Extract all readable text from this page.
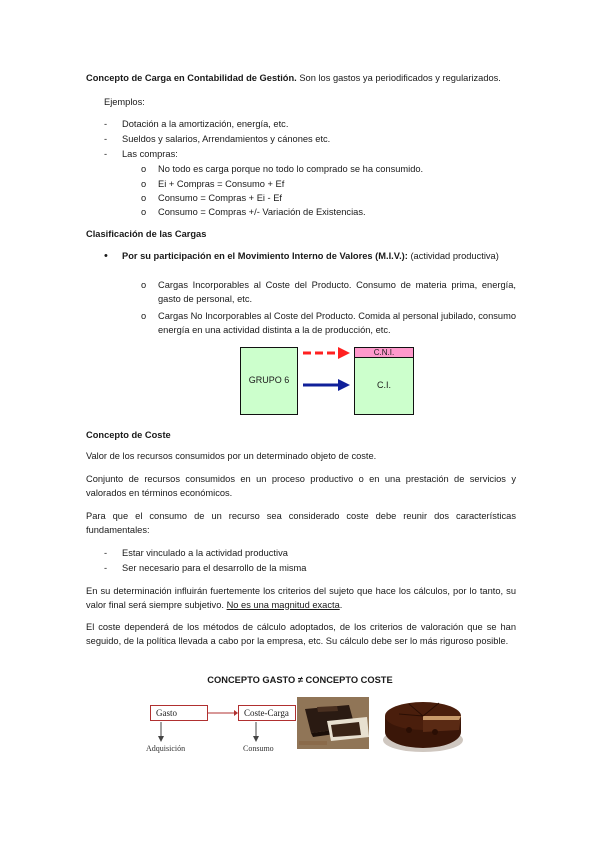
Concepto de Carga en Contabilidad de Gestión. Son los gastos ya periodificados y regularizados.
Ejemplos:
- Dotación a la amortización, energía, etc.
- Sueldos y salarios, Arrendamientos y cánones etc.
- Las compras:
o No todo es carga porque no todo lo comprado se ha consumido.
o Ei + Compras = Consumo + Ef
o Consumo = Compras + Ei - Ef
o Consumo = Compras +/- Variación de Existencias.
Clasificación de las Cargas
• Por su participación en el Movimiento Interno de Valores (M.I.V.): (actividad productiva)
o Cargas Incorporables al Coste del Producto. Consumo de materia prima, energía, gasto de personal, etc.
o Cargas No Incorporables al Coste del Producto. Comida al personal jubilado, consumo energía en una actividad distinta a la de producción, etc.
GRUPO 6
C.N.I.
C.I.
Concepto de Coste
Valor de los recursos consumidos por un determinado objeto de coste.
Conjunto de recursos consumidos en un proceso productivo o en una prestación de servicios y valorados en términos económicos.
Para que el consumo de un recurso sea considerado coste debe reunir dos características fundamentales:
- Estar vinculado a la actividad productiva
- Ser necesario para el desarrollo de la misma
En su determinación influirán fuertemente los criterios del sujeto que hace los cálculos, por lo tanto, su valor final será siempre subjetivo. No es una magnitud exacta.
El coste dependerá de los métodos de cálculo adoptados, de los criterios de valoración que se han seguido, de la política llevada a cabo por la empresa, etc. Su cálculo debe ser lo más riguroso posible.
CONCEPTO GASTO ≠ CONCEPTO COSTE
Gasto	Coste-Carga
Adquisición	Consumo
